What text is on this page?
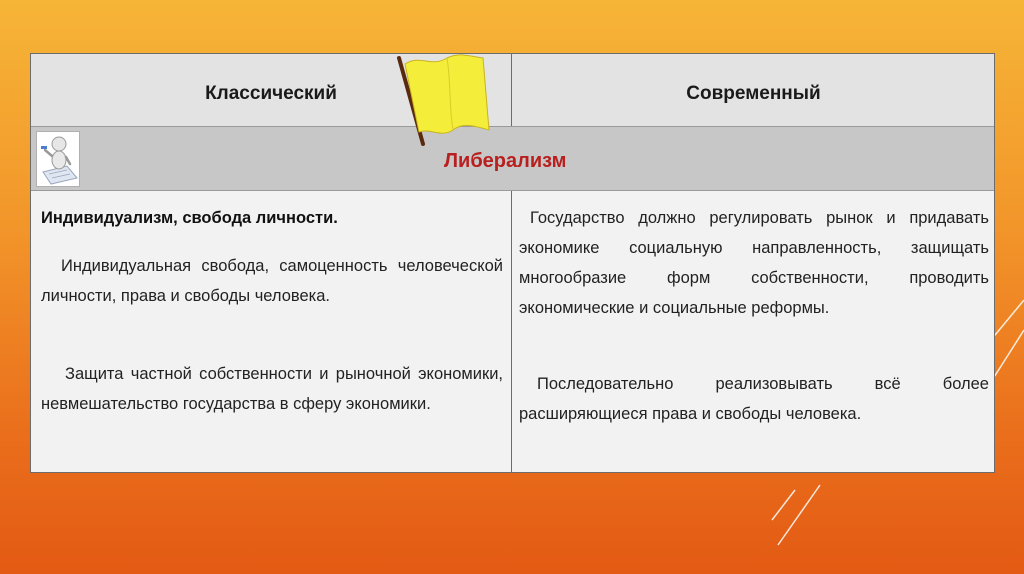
Классический	Современный
Либерализм

Индивидуализм, свобода личности.

Индивидуальная свобода, самоценность человеческой личности, права и свободы человека.

Защита частной собственности и рыночной экономики, невмешательство государства в сферу экономики.

Государство должно регулировать рынок и придавать экономике социальную направленность, защищать многообразие форм собственности, проводить экономические и социальные реформы.

Последовательно реализовывать всё более расширяющиеся права и свободы человека.
